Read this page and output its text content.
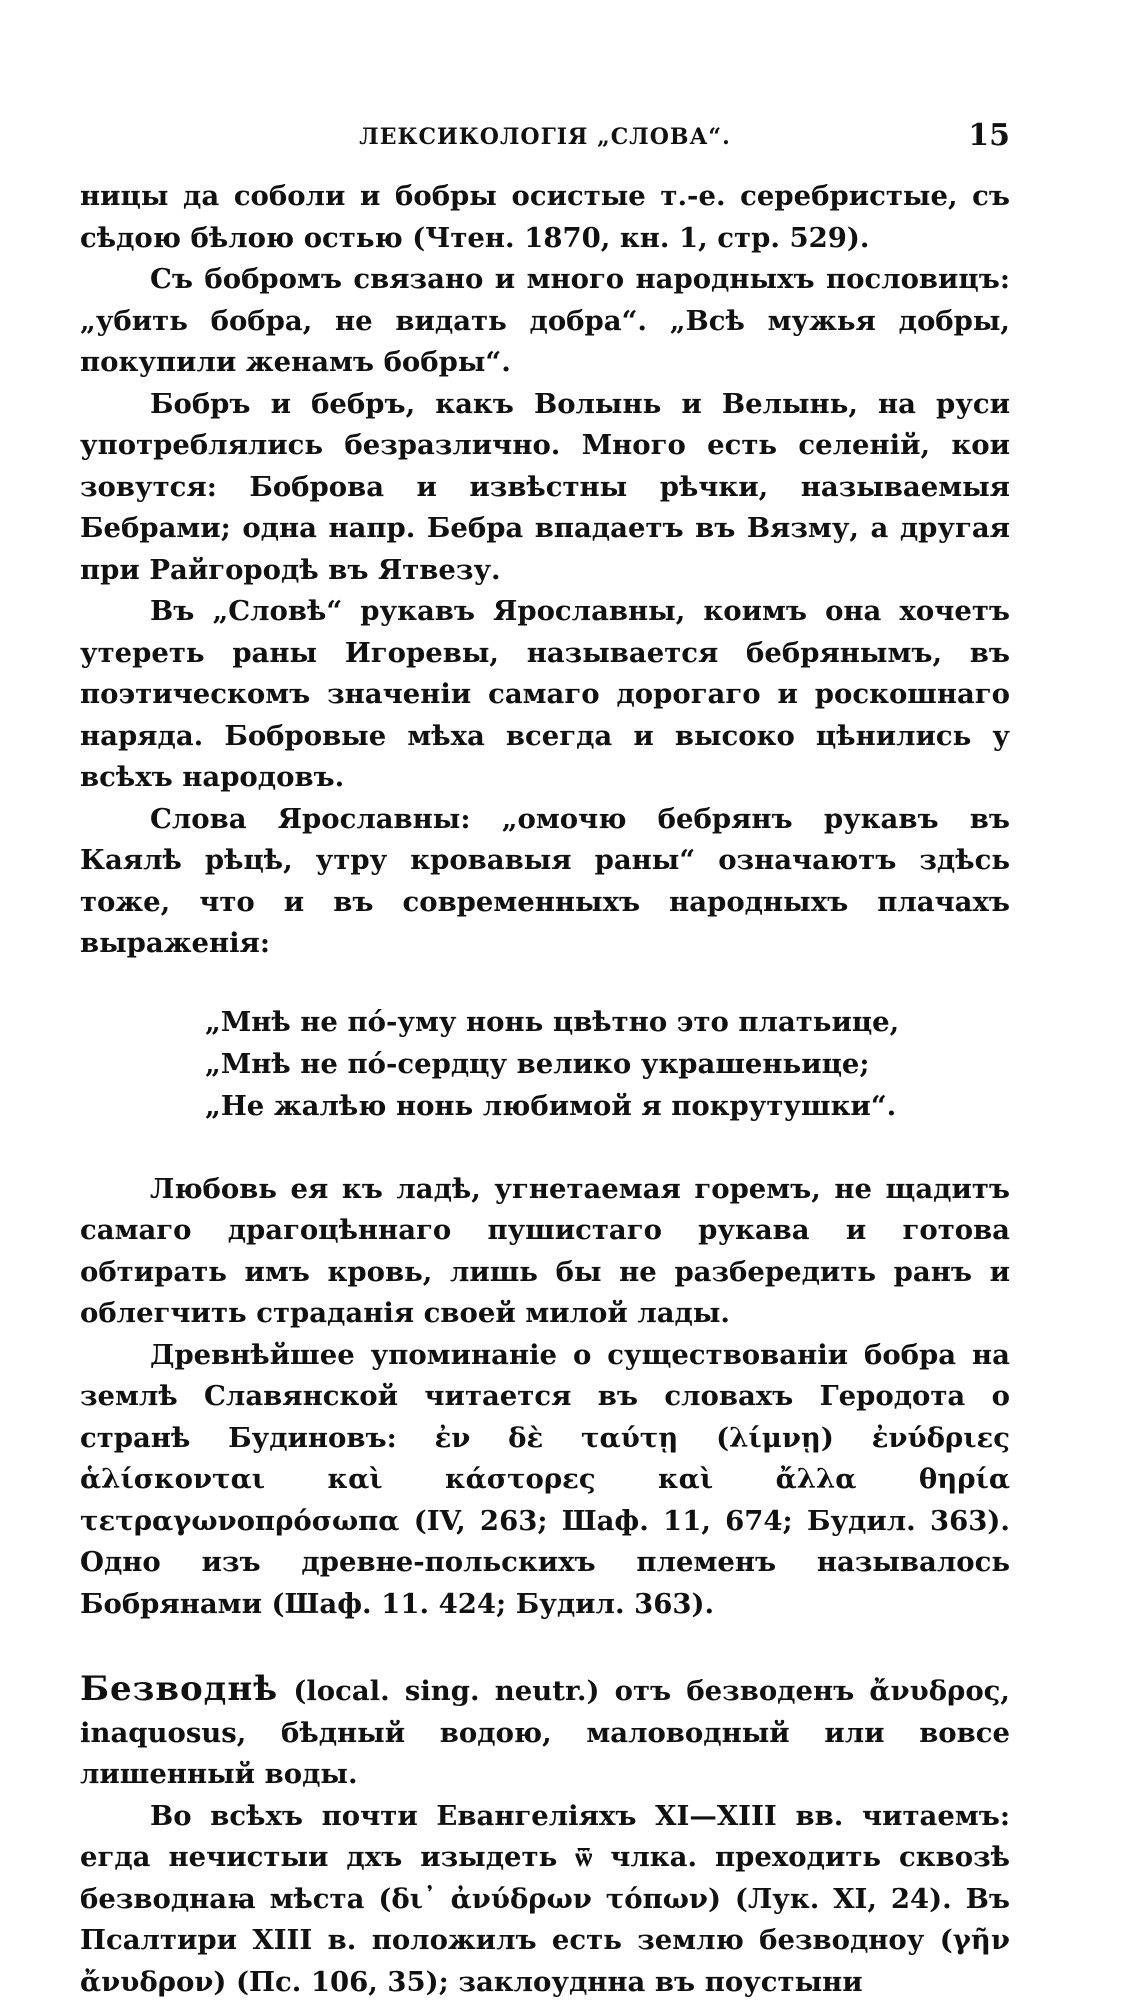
ЛЕКСИКОЛОГІЯ „СЛОВА“.	15

ницы да соболи и бобры осистые т.-е. серебристые, съ сѣдою бѣлою остью (Чтен. 1870, кн. 1, стр. 529).

Съ бобромъ связано и много народныхъ пословицъ: „убить бобра, не видать добра“. „Всѣ мужья добры, покупили женамъ бобры“.

Бобръ и бебръ, какъ Волынь и Велынь, на руси употреблялись безразлично. Много есть селеній, кои зовутся: Боброва и извѣстны рѣчки, называемыя Бебрами; одна напр. Бебра впадаетъ въ Вязму, а другая при Райгородѣ въ Ятвезу.

Въ „Словѣ“ рукавъ Ярославны, коимъ она хочетъ утереть раны Игоревы, называется бебрянымъ, въ поэтическомъ значеніи самаго дорогаго и роскошнаго наряда. Бобровые мѣха всегда и высоко цѣнились у всѣхъ народовъ.

Слова Ярославны: „омочю бебрянъ рукавъ въ Каялѣ рѣцѣ, утру кровавыя раны“ означаютъ здѣсь тоже, что и въ современныхъ народныхъ плачахъ выраженія:

„Мнѣ не по́-уму нонь цвѣтно это платьице,
„Мнѣ не по́-сердцу велико украшеньице;
„Не жалѣю нонь любимой я покрутушки“.

Любовь ея къ ладѣ, угнетаемая горемъ, не щадитъ самаго драгоцѣннаго пушистаго рукава и готова обтирать имъ кровь, лишь бы не разбередить ранъ и облегчить страданія своей милой лады.

Древнѣйшее упоминаніе о существованіи бобра на землѣ Славянской читается въ словахъ Геродота о странѣ Будиновъ: ἐν δὲ ταύτῃ (λίμνῃ) ἐνύδριες ἁλίσκονται καὶ κάστορες καὶ ἄλλα θηρία τετραγωνοπρόσωπα (IV, 263; Шаф. 11, 674; Будил. 363). Одно изъ древне-польскихъ племенъ называлось Бобрянами (Шаф. 11. 424; Будил. 363).

Безводнѣ (local. sing. neutr.) отъ безводенъ ἄνυδρος, inaquosus, бѣдный водою, маловодный или вовсе лишенный воды.

Во всѣхъ почти Евангеліяхъ XI—XIII вв. читаемъ: егда нечистыи дхъ изыдеть ѿ члка. преходить сквозѣ безводнаꙗ мѣста (δι᾽ ἀνύδρων τόπων) (Лук. XI, 24). Въ Псалтири XIII в. положилъ есть землю безводноу (γῆν ἄνυδρον) (Пс. 106, 35); заклоуднна въ поустыни
